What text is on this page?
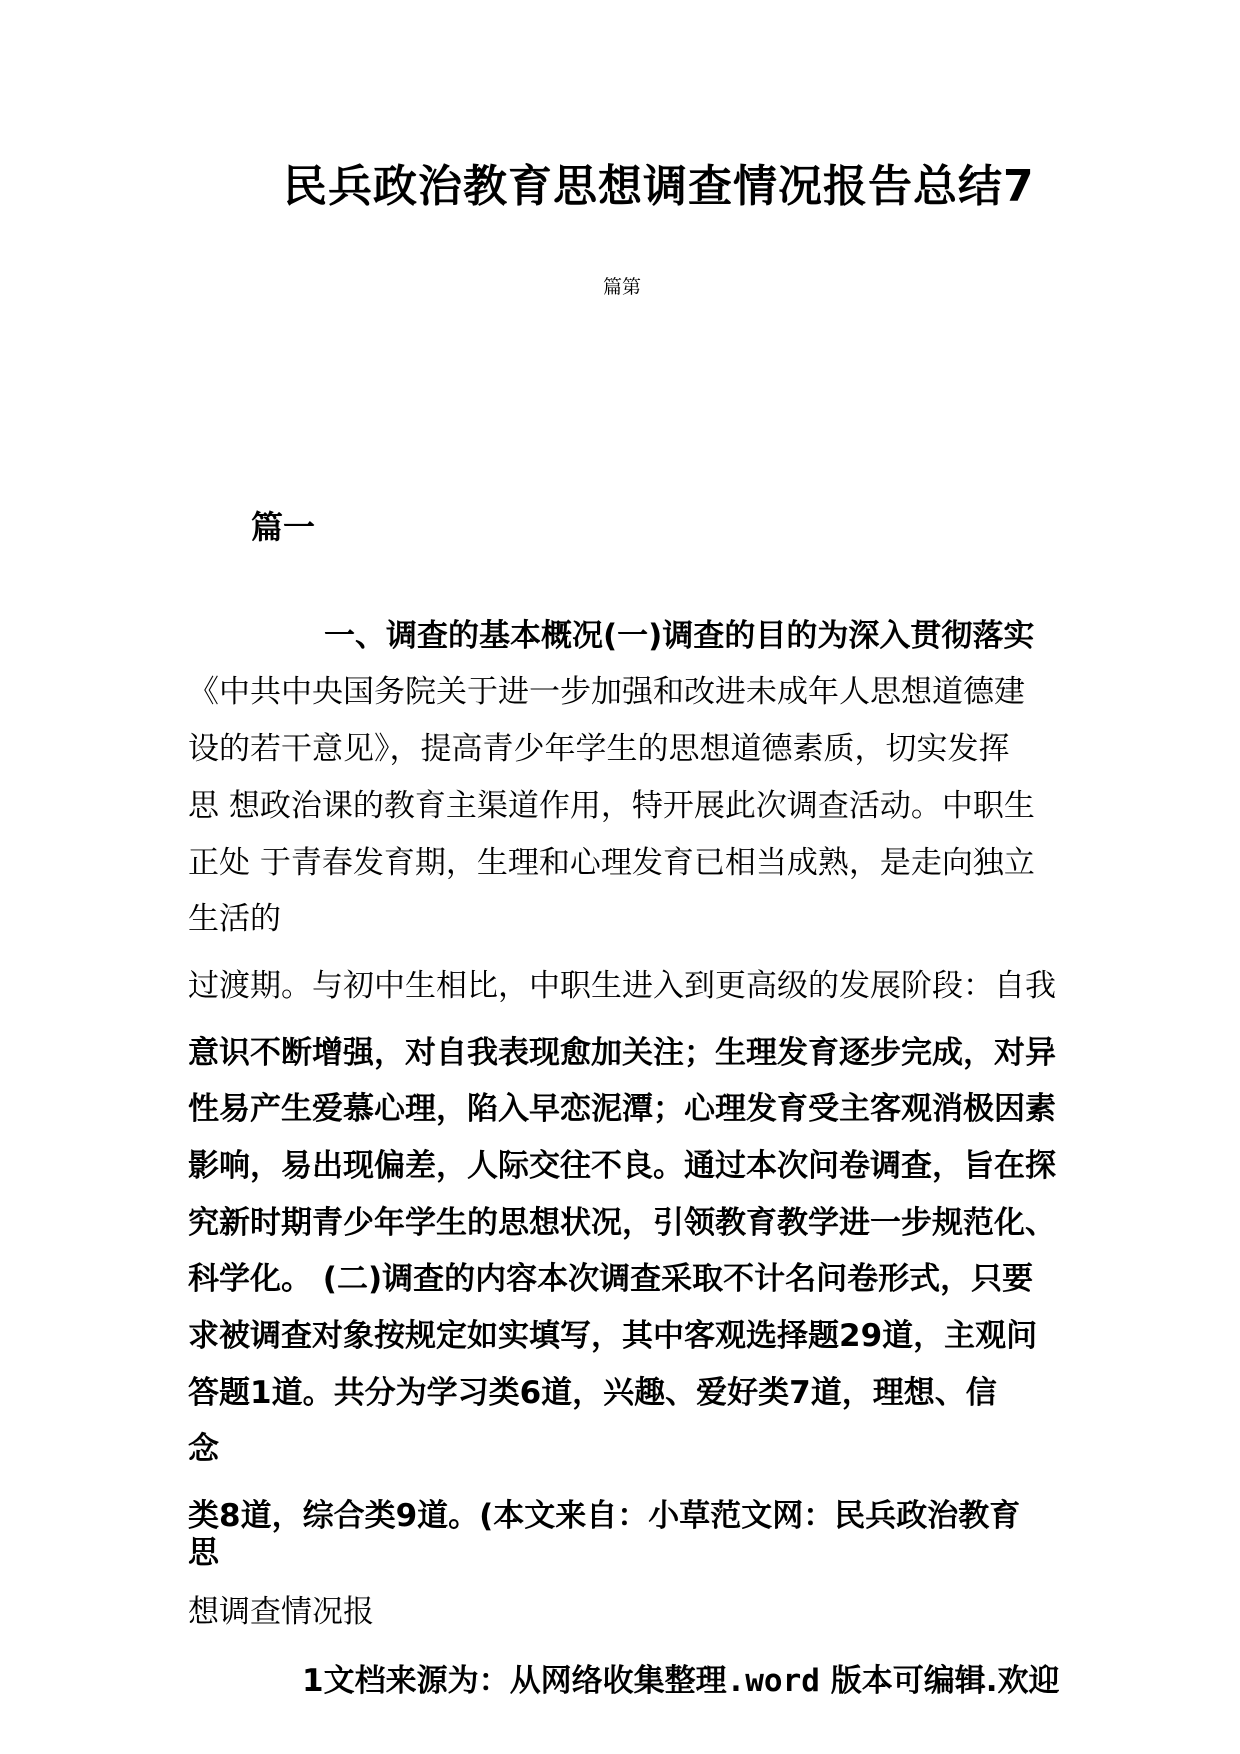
民兵政治教育思想调查情况报告总结7
篇第
篇一
一、调查的基本概况(一)调查的目的为深入贯彻落实
《中共中央国务院关于进一步加强和改进未成年人思想道德建
设的若干意见》，提高青少年学生的思想道德素质，切实发挥
思 想政治课的教育主渠道作用，特开展此次调查活动。中职生
正处 于青春发育期，生理和心理发育已相当成熟，是走向独立
生活的
过渡期。与初中生相比，中职生进入到更高级的发展阶段：自我
意识不断增强，对自我表现愈加关注；生理发育逐步完成，对异
性易产生爱慕心理，陷入早恋泥潭；心理发育受主客观消极因素
影响，易出现偏差，人际交往不良。通过本次问卷调查，旨在探
究新时期青少年学生的思想状况，引领教育教学进一步规范化、
科学化。 (二)调查的内容本次调查采取不计名问卷形式，只要
求被调查对象按规定如实填写，其中客观选择题29道，主观问
答题1道。共分为学习类6道，兴趣、爱好类7道，理想、信
念
类8道，综合类9道。(本文来自：小草范文网：民兵政治教育
思
想调查情况报
1文档来源为：从网络收集整理.word 版本可编辑.欢迎
